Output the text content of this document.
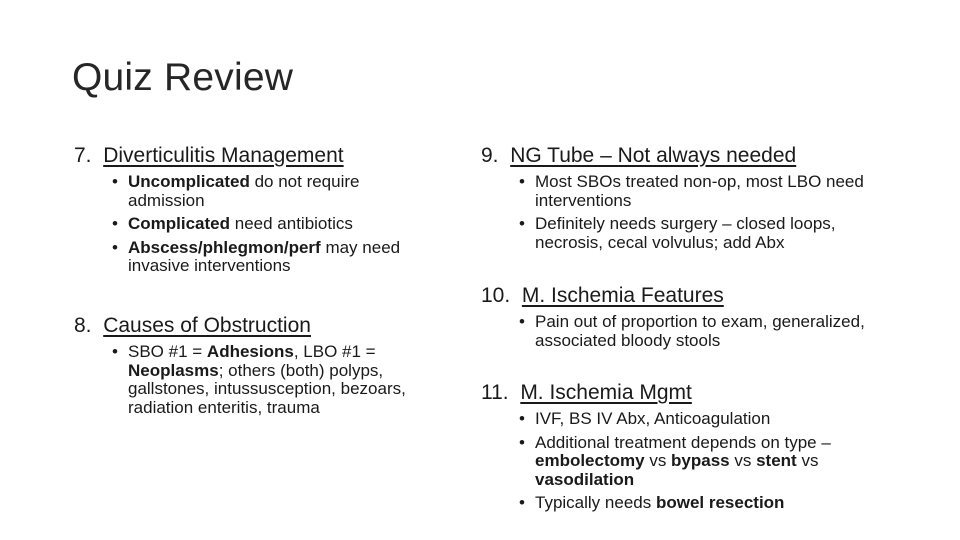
Quiz Review
7. Diverticulitis Management
• Uncomplicated do not require admission
• Complicated need antibiotics
• Abscess/phlegmon/perf may need invasive interventions
8. Causes of Obstruction
• SBO #1 = Adhesions, LBO #1 = Neoplasms; others (both) polyps, gallstones, intussusception, bezoars, radiation enteritis, trauma
9. NG Tube – Not always needed
• Most SBOs treated non-op, most LBO need interventions
• Definitely needs surgery – closed loops, necrosis, cecal volvulus; add Abx
10. M. Ischemia Features
• Pain out of proportion to exam, generalized, associated bloody stools
11. M. Ischemia Mgmt
• IVF, BS IV Abx, Anticoagulation
• Additional treatment depends on type – embolectomy vs bypass vs stent vs vasodilation
• Typically needs bowel resection
